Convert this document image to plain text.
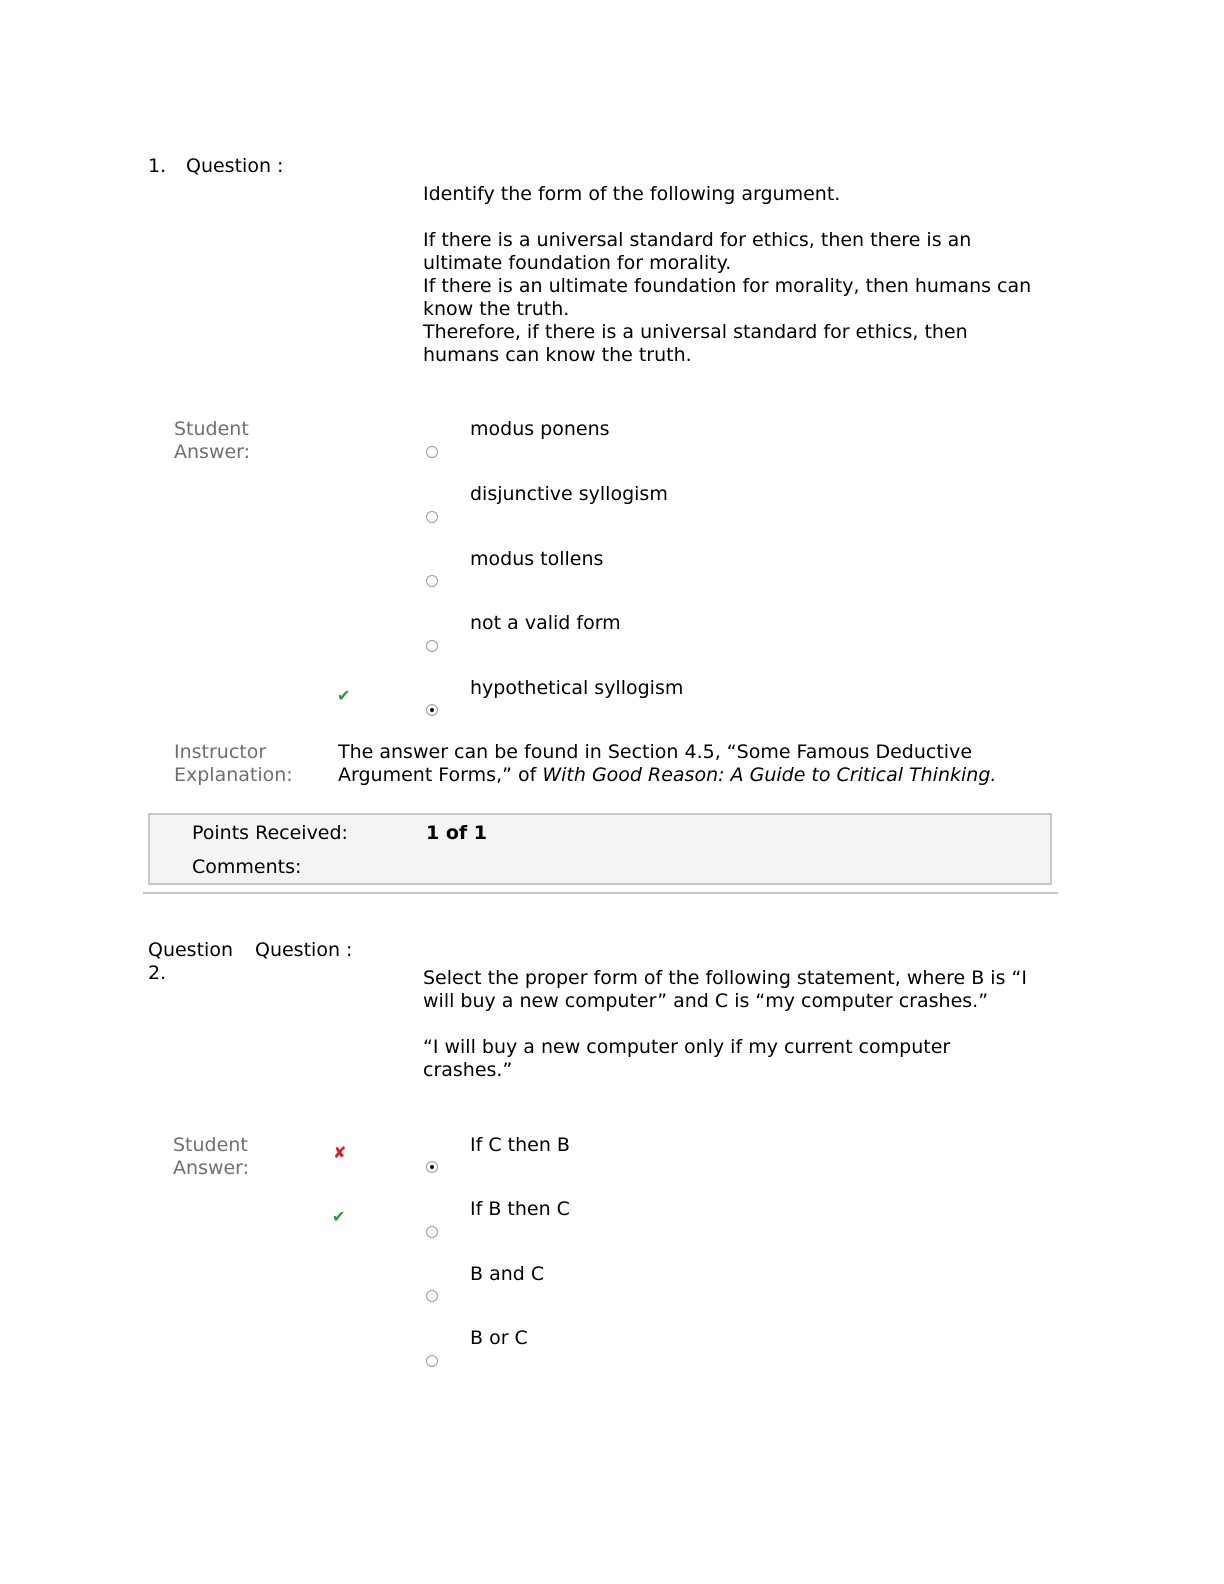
1. Question :

Identify the form of the following argument.

If there is a universal standard for ethics, then there is an ultimate foundation for morality.

If there is an ultimate foundation for morality, then humans can know the truth.

Therefore, if there is a universal standard for ethics, then humans can know the truth.

Student Answer:
modus ponens
disjunctive syllogism
modus tollens
not a valid form
✔	hypothetical syllogism
Instructor Explanation:
The answer can be found in Section 4.5, “Some Famous Deductive Argument Forms,” of With Good Reason: A Guide to Critical Thinking.
Points Received:	1 of 1
Comments:
Question 2.
Question :

Select the proper form of the following statement, where B is “I will buy a new computer” and C is “my computer crashes.”

“I will buy a new computer only if my current computer crashes.”

Student Answer:
✘	If C then B
✔	If B then C
B and C
B or C
